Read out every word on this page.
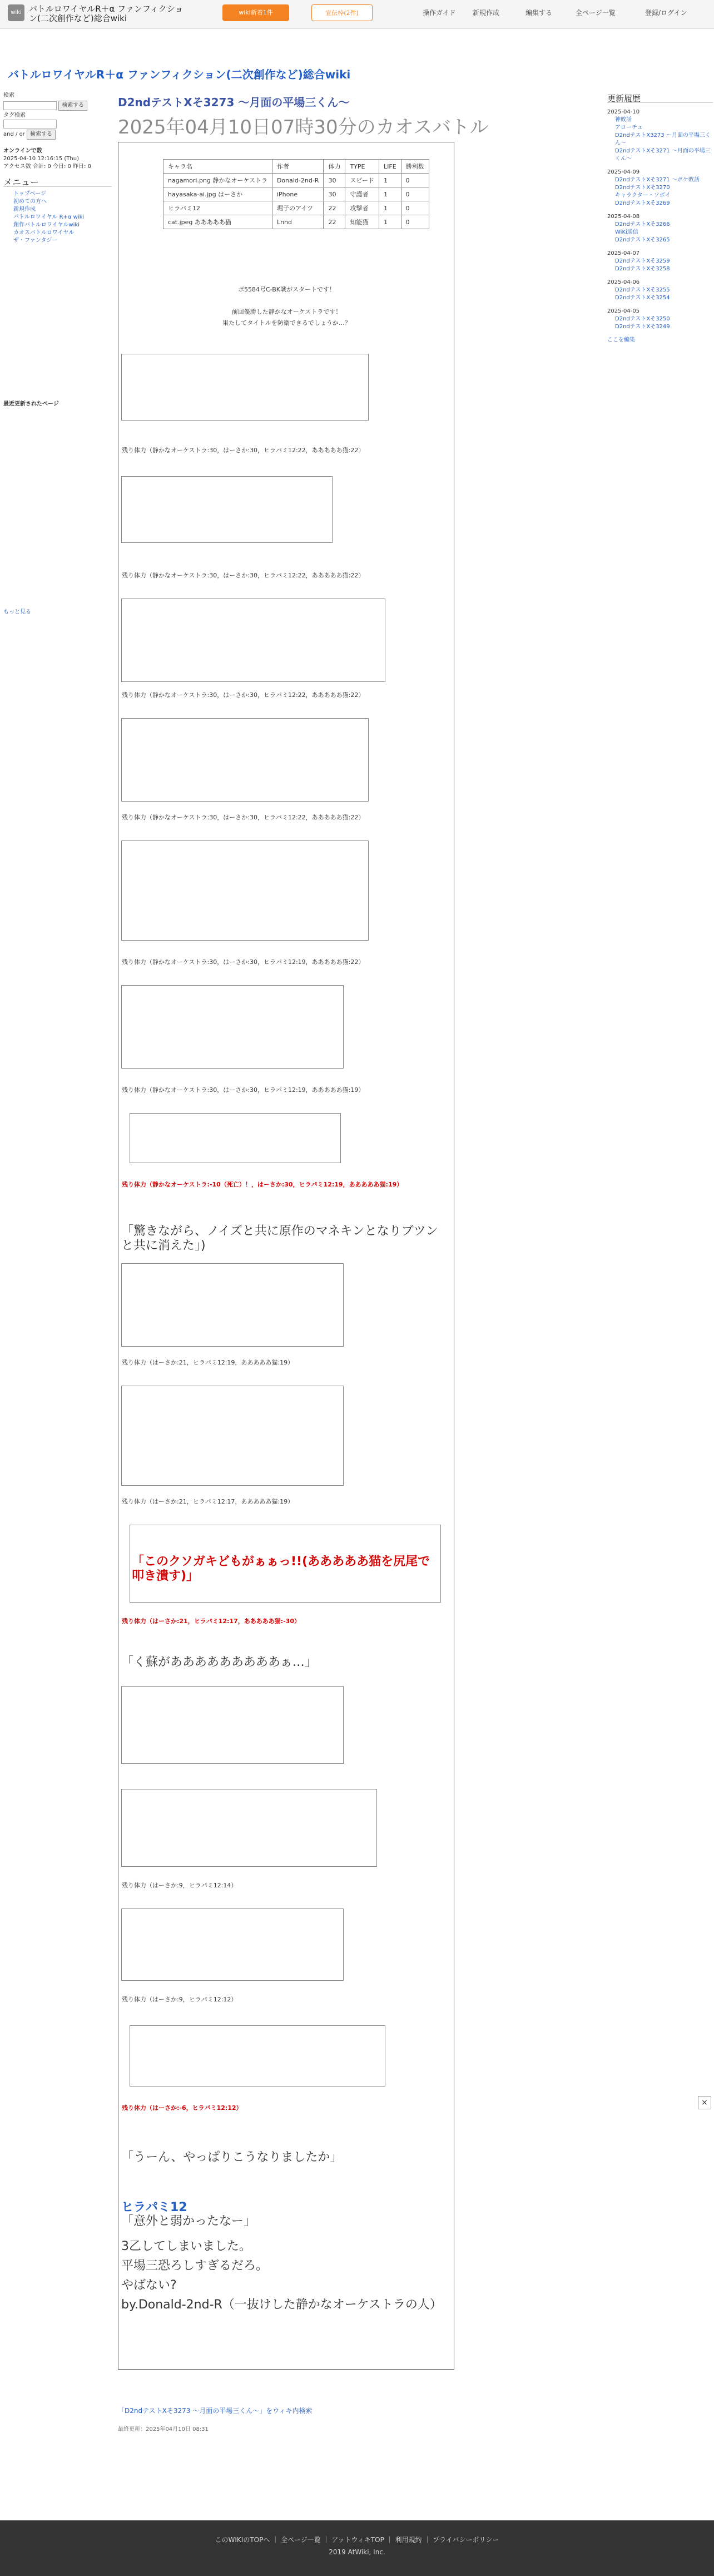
wiki バトルロワイヤルR＋α ファンフィクション(二次創作など)総合wiki
wiki新着1件	宣伝枠(2件)	操作ガイド	新規作成	編集する	全ページ一覧	登録/ログイン
バトルロワイヤルR＋α ファンフィクション(二次創作など)総合wiki
検索
検索する
タグ検索

and / or 検索する
オンラインで数
2025-04-10 12:16:15 (Thu)
アクセス数 合計: 0 今日: 0 昨日: 0
メニュー
トップページ
初めての方へ
新規作成
バトルロワイヤル R+α wiki
創作バトルロワイヤルwiki
カオスバトルロワイヤル
ザ・ファンタジー
最近更新されたページ
もっと見る
D2ndテストXそ3273 〜月面の平場三くん〜
2025年04月10日07時30分のカオスバトル
キャラ名	作者	体力	TYPE	LIFE	勝利数
nagamori.png 静かなオーケストラ	Donald-2nd-R	30	スピード	1	0
hayasaka-ai.jpg はーさか	iPhone	30	守護者	1	0
ヒラパミ12	堀子のアイツ	22	攻撃者	1	0
cat.jpeg あああああ猫	Lnnd	22	知能猫	1	0
ボ5584号C-BK戦がスタートです！

前回優勝した静かなオーケストラです！
果たしてタイトルを防衛できるでしょうか…？
残り体力（静かなオーケストラ:30，はーさか:30，ヒラパミ12:22，あああああ猫:22）
残り体力（静かなオーケストラ:30，はーさか:30，ヒラパミ12:22，あああああ猫:22）
残り体力（静かなオーケストラ:30，はーさか:30，ヒラパミ12:22，あああああ猫:22）
残り体力（静かなオーケストラ:30，はーさか:30，ヒラパミ12:22，あああああ猫:22）
残り体力（静かなオーケストラ:30，はーさか:30，ヒラパミ12:19，あああああ猫:22）
残り体力（静かなオーケストラ:30，はーさか:30，ヒラパミ12:19，あああああ猫:19）
残り体力（静かなオーケストラ:-10（死亡）！，はーさか:30，ヒラパミ12:19，あああああ猫:19）
「驚きながら、ノイズと共に原作のマネキンとなりブツンと共に消えた」)
残り体力（はーさか:21，ヒラパミ12:19，あああああ猫:19）
残り体力（はーさか:21，ヒラパミ12:17，あああああ猫:19）
「このクソガキどもがぁぁっ!!(あああああ猫を尻尾で叩き潰す)」
残り体力（はーさか:21，ヒラパミ12:17，あああああ猫:-30）
「く蘇があああああああああぁ…」
残り体力（はーさか:9，ヒラパミ12:14）
残り体力（はーさか:9，ヒラパミ12:12）
残り体力（はーさか:-6，ヒラパミ12:12）
「うーん、やっぱりこうなりましたか」
ヒラパミ12
「意外と弱かったなー」
3乙してしまいました。
平場三恐ろしすぎるだろ。
やばない?
by.Donald-2nd-R（一抜けした静かなオーケストラの人）
「D2ndテストXそ3273 〜月面の平場三くん〜」をウィキ内検索
最終更新：2025年04月10日 08:31
更新履歴
2025-04-10
神敗話
アローチュ
D2ndテストX3273 〜月面の平場三くん〜
D2ndテストXそ3271 〜月面の平場三くん〜
2025-04-09
D2ndテストXそ3271 〜ボケ敗話
D2ndテストXそ3270
キャラクター・ソボイ
D2ndテストXそ3269
2025-04-08
D2ndテストXそ3266
WiKi通信
D2ndテストXそ3265
2025-04-07
D2ndテストXそ3259
D2ndテストXそ3258
2025-04-06
D2ndテストXそ3255
D2ndテストXそ3254
2025-04-05
D2ndテストXそ3250
D2ndテストXそ3249
ここを編集
×
このWIKIのTOPへ ｜ 全ページ一覧 ｜ アットウィキTOP ｜ 利用規約 ｜ プライバシーポリシー
2019 AtWiki, Inc.
